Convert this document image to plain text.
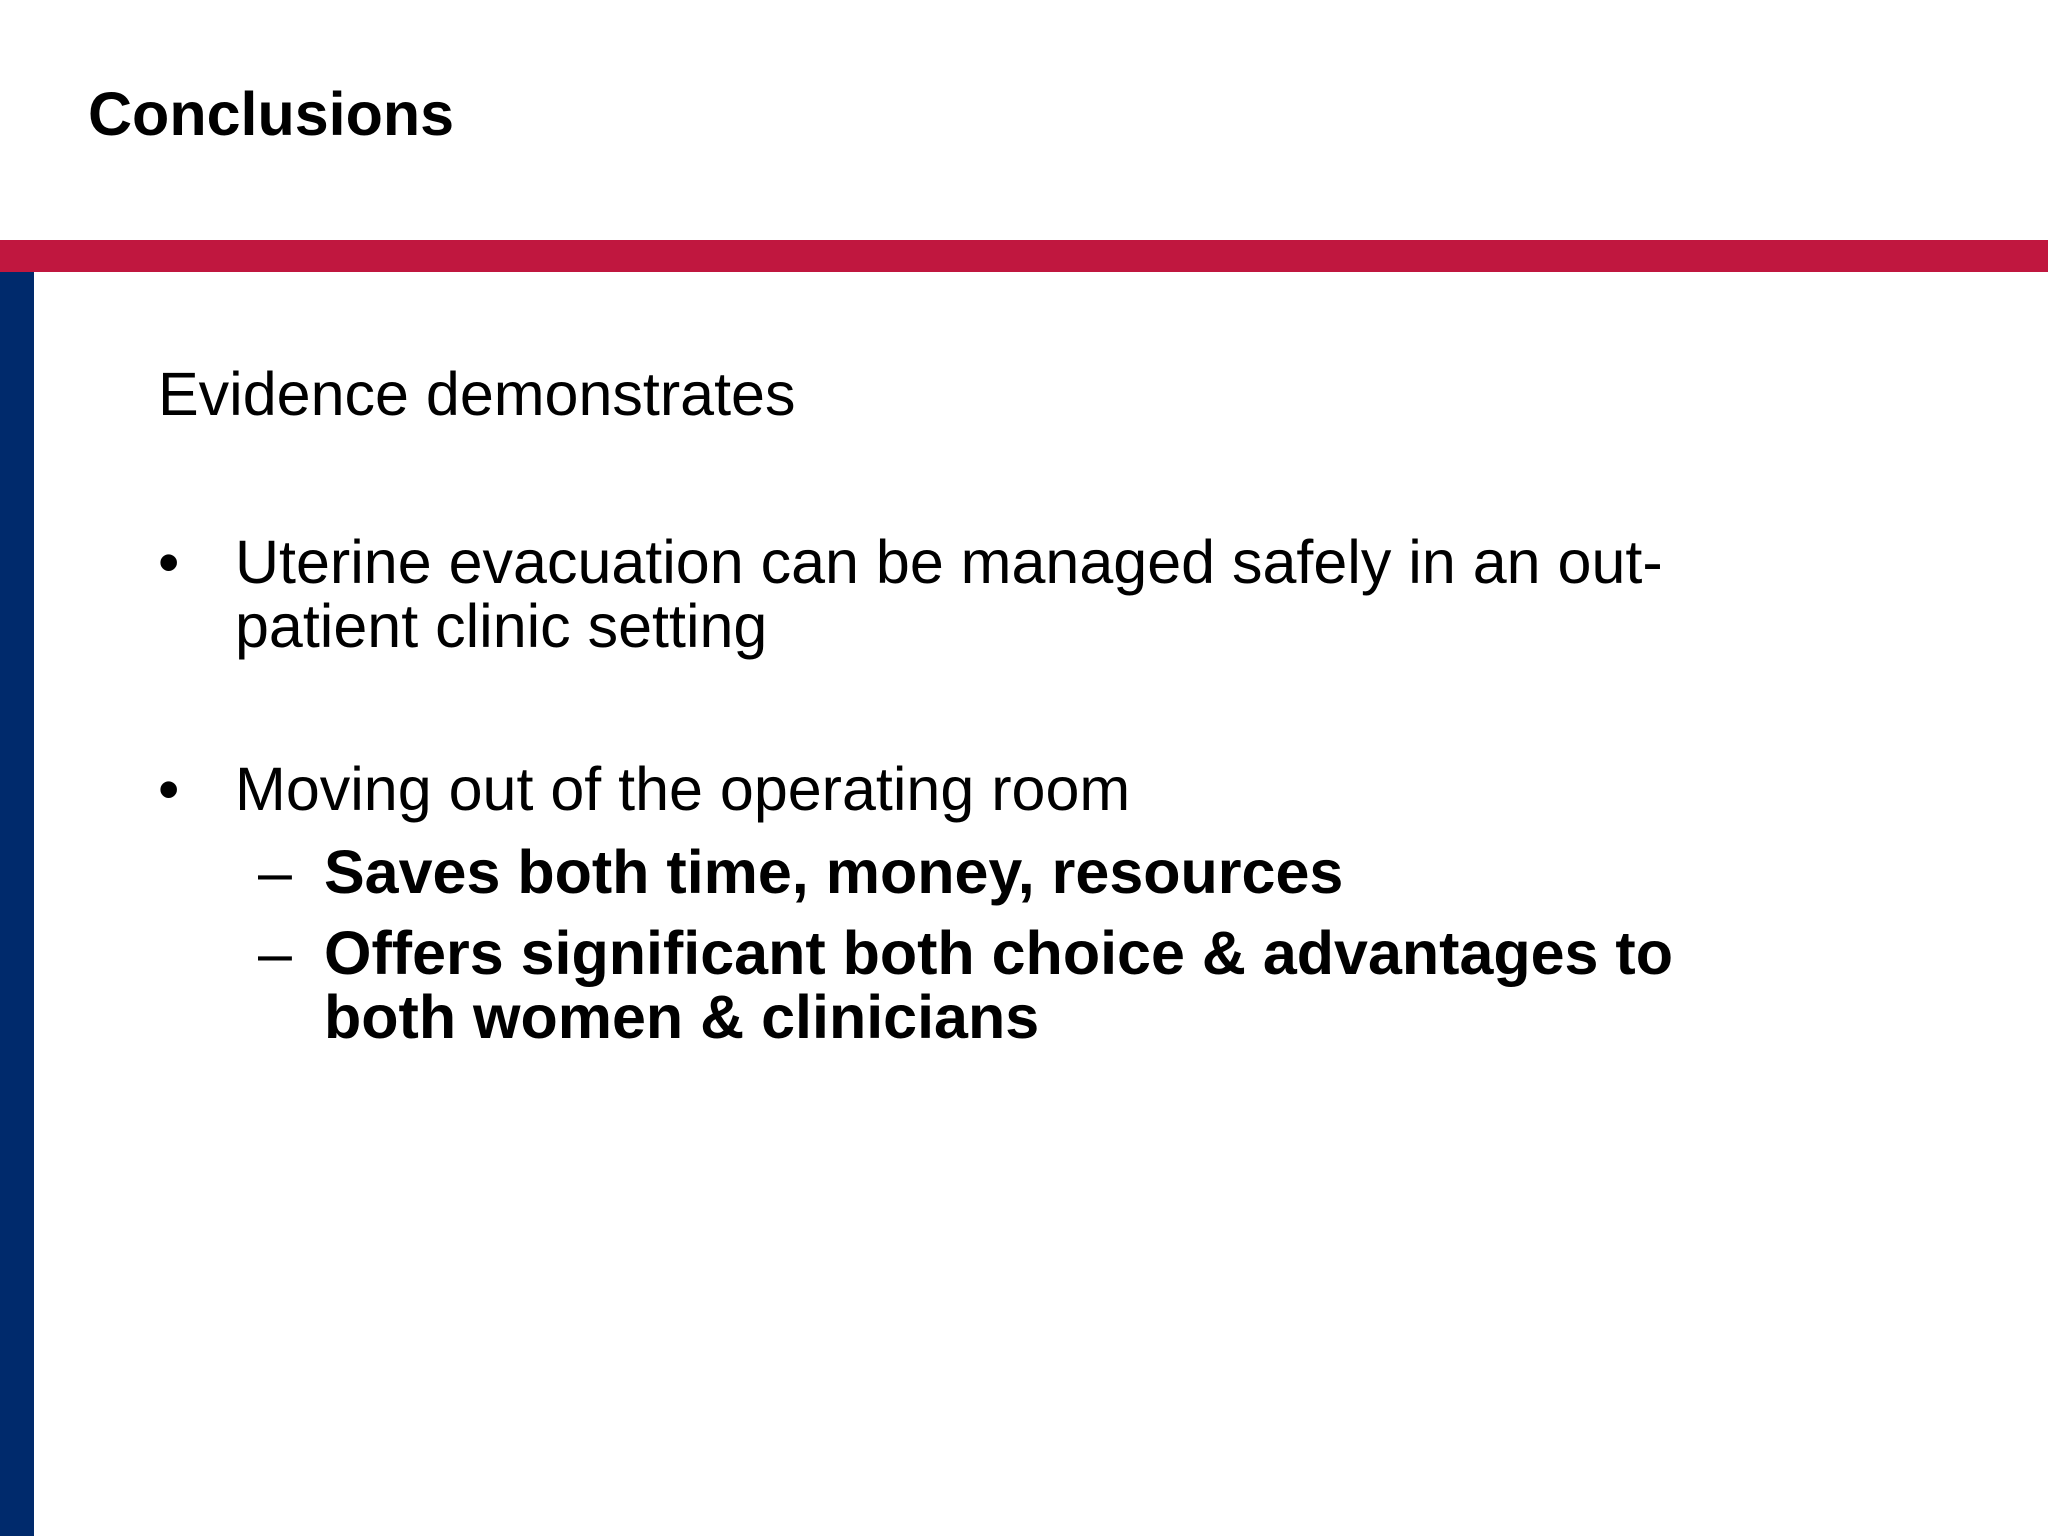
Conclusions
Evidence demonstrates
• Uterine evacuation can be managed safely in an out-
patient clinic setting
• Moving out of the operating room
– Saves both time, money, resources
– Offers significant both choice & advantages to
both women & clinicians
